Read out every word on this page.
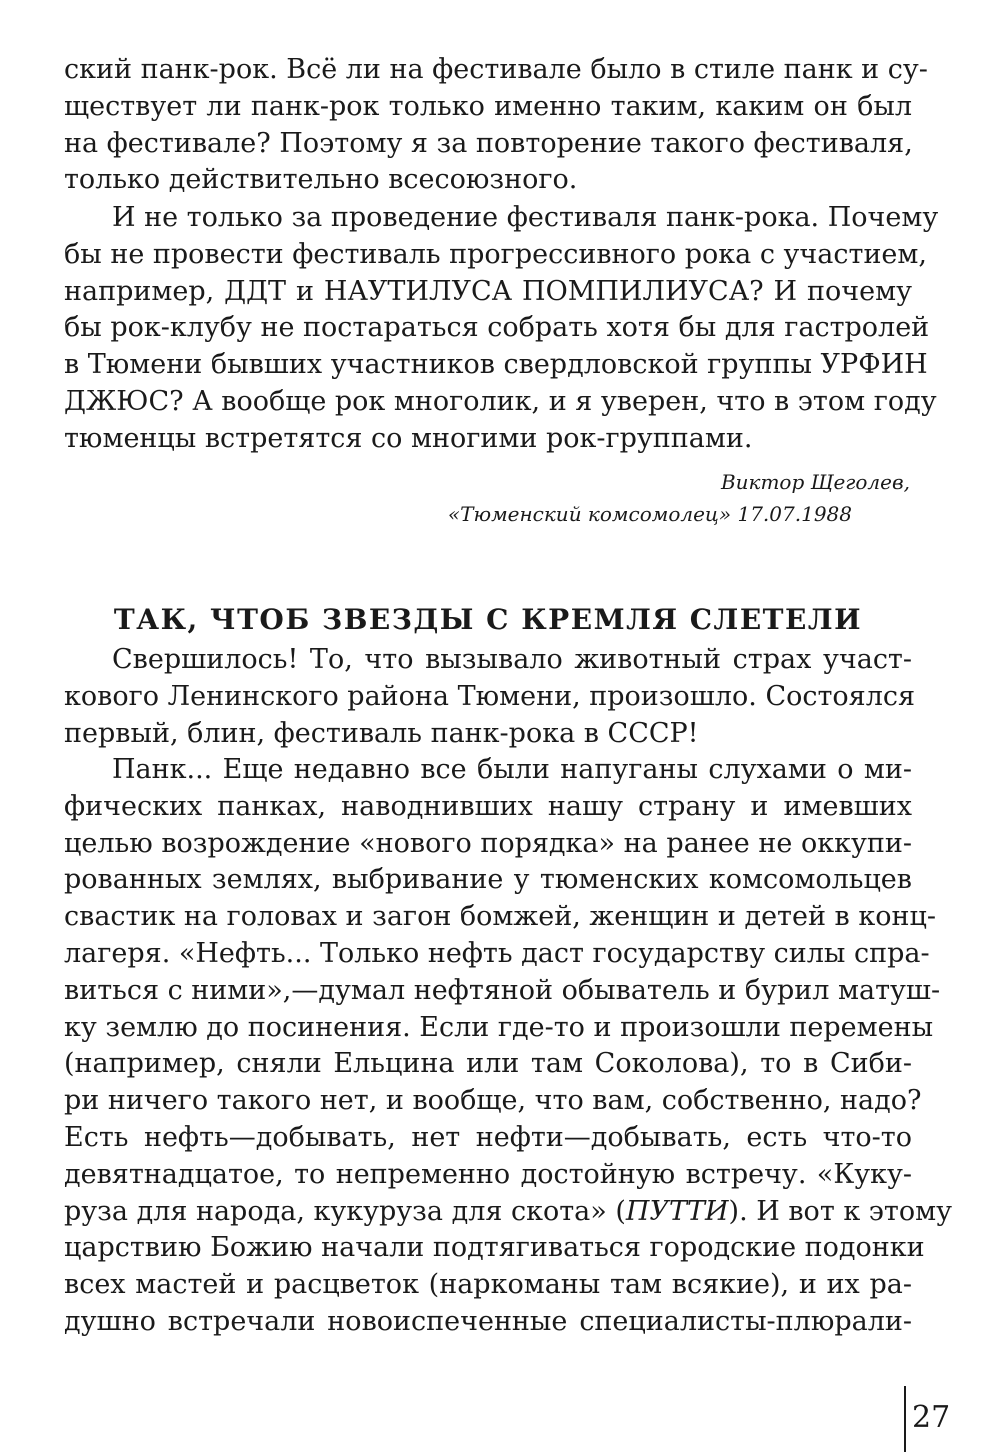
ский панк-рок. Всё ли на фестивале было в стиле панк и су-
ществует ли панк-рок только именно таким, каким он был
на фестивале? Поэтому я за повторение такого фестиваля,
только действительно всесоюзного.
И не только за проведение фестиваля панк-рока. Почему
бы не провести фестиваль прогрессивного рока с участием,
например, ДДТ и НАУТИЛУСА ПОМПИЛИУСА? И почему
бы рок-клубу не постараться собрать хотя бы для гастролей
в Тюмени бывших участников свердловской группы УРФИН
ДЖЮС? А вообще рок многолик, и я уверен, что в этом году
тюменцы встретятся со многими рок-группами.
Виктор Щеголев,
«Тюменский комсомолец» 17.07.1988
ТАК, ЧТОБ ЗВЕЗДЫ С КРЕМЛЯ СЛЕТЕЛИ
Свершилось! То, что вызывало животный страх участ-
кового Ленинского района Тюмени, произошло. Состоялся
первый, блин, фестиваль панк-рока в СССР!
Панк... Еще недавно все были напуганы слухами о ми-
фических панках, наводнивших нашу страну и имевших
целью возрождение «нового порядка» на ранее не оккупи-
рованных землях, выбривание у тюменских комсомольцев
свастик на головах и загон бомжей, женщин и детей в конц-
лагеря. «Нефть... Только нефть даст государству силы спра-
виться с ними»,—думал нефтяной обыватель и бурил матуш-
ку землю до посинения. Если где-то и произошли перемены
(например, сняли Ельцина или там Соколова), то в Сиби-
ри ничего такого нет, и вообще, что вам, собственно, надо?
Есть нефть—добывать, нет нефти—добывать, есть что-то
девятнадцатое, то непременно достойную встречу. «Куку-
руза для народа, кукуруза для скота» (ПУТТИ). И вот к этому
царствию Божию начали подтягиваться городские подонки
всех мастей и расцветок (наркоманы там всякие), и их ра-
душно встречали новоиспеченные специалисты-плюрали-
27
